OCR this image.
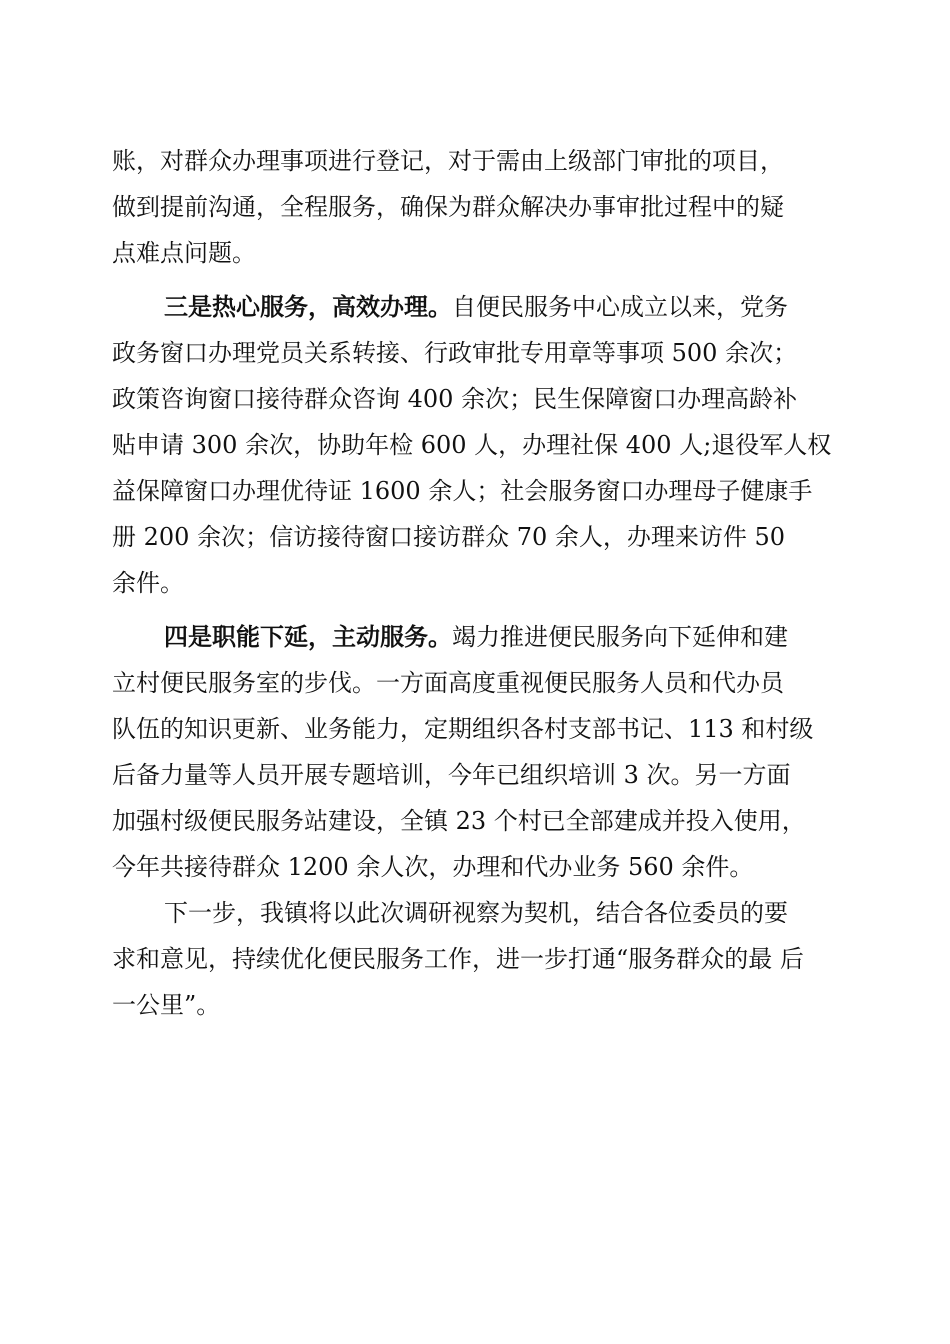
账，对群众办理事项进行登记，对于需由上级部门审批的项目，
做到提前沟通，全程服务，确保为群众解决办事审批过程中的疑
点难点问题。
三是热心服务，高效办理。自便民服务中心成立以来，党务
政务窗口办理党员关系转接、行政审批专用章等事项 500 余次；
政策咨询窗口接待群众咨询 400 余次；民生保障窗口办理高龄补
贴申请 300 余次，协助年检 600 人，办理社保 400 人;退役军人权
益保障窗口办理优待证 1600 余人；社会服务窗口办理母子健康手
册 200 余次；信访接待窗口接访群众 70 余人，办理来访件 50
余件。
四是职能下延，主动服务。竭力推进便民服务向下延伸和建
立村便民服务室的步伐。一方面高度重视便民服务人员和代办员
队伍的知识更新、业务能力，定期组织各村支部书记、113 和村级
后备力量等人员开展专题培训，今年已组织培训 3 次。另一方面
加强村级便民服务站建设，全镇 23 个村已全部建成并投入使用，
今年共接待群众 1200 余人次，办理和代办业务 560 余件。
下一步，我镇将以此次调研视察为契机，结合各位委员的要
求和意见，持续优化便民服务工作，进一步打通“服务群众的最 后
一公里”。
